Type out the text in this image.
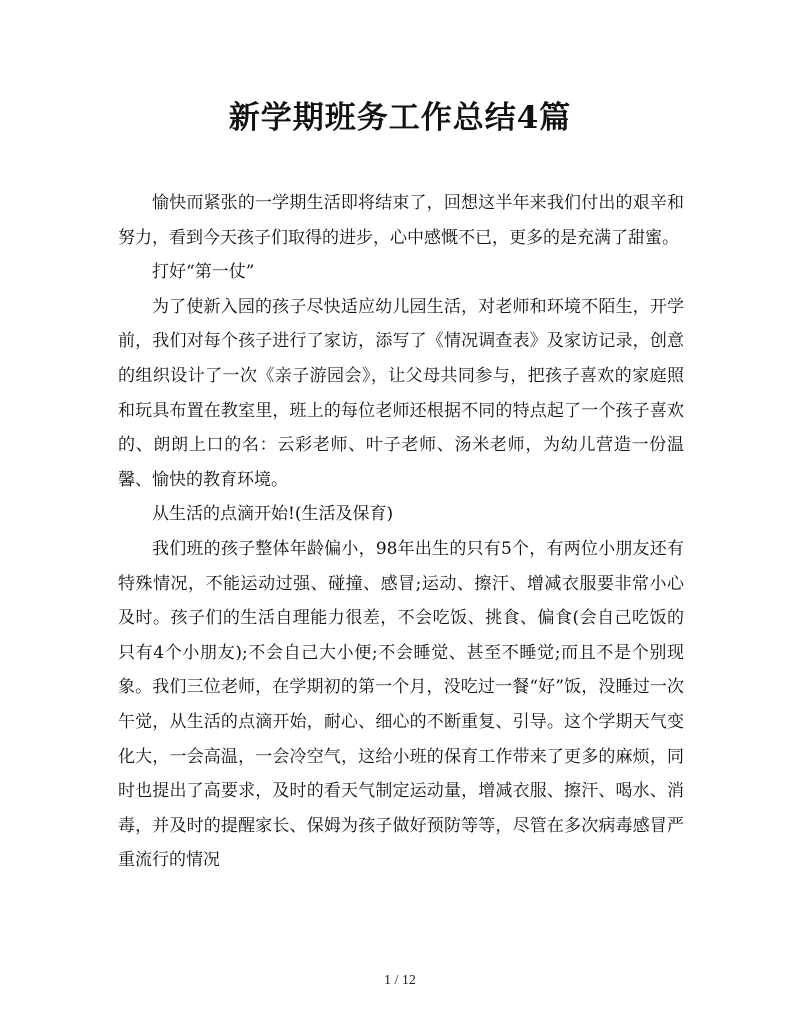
新学期班务工作总结4篇

愉快而紧张的一学期生活即将结束了，回想这半年来我们付出的艰辛和努力，看到今天孩子们取得的进步，心中感慨不已，更多的是充满了甜蜜。

打好“第一仗”

为了使新入园的孩子尽快适应幼儿园生活，对老师和环境不陌生，开学前，我们对每个孩子进行了家访，添写了《情况调查表》及家访记录，创意的组织设计了一次《亲子游园会》，让父母共同参与，把孩子喜欢的家庭照和玩具布置在教室里，班上的每位老师还根据不同的特点起了一个孩子喜欢的、朗朗上口的名：云彩老师、叶子老师、汤米老师，为幼儿营造一份温馨、愉快的教育环境。

从生活的点滴开始!(生活及保育)

我们班的孩子整体年龄偏小，98年出生的只有5个，有两位小朋友还有特殊情况，不能运动过强、碰撞、感冒;运动、擦汗、增减衣服要非常小心及时。孩子们的生活自理能力很差，不会吃饭、挑食、偏食(会自己吃饭的只有4个小朋友);不会自己大小便;不会睡觉、甚至不睡觉;而且不是个别现象。我们三位老师，在学期初的第一个月，没吃过一餐“好”饭，没睡过一次午觉，从生活的点滴开始，耐心、细心的不断重复、引导。这个学期天气变化大，一会高温，一会冷空气，这给小班的保育工作带来了更多的麻烦，同时也提出了高要求，及时的看天气制定运动量，增减衣服、擦汗、喝水、消毒，并及时的提醒家长、保姆为孩子做好预防等等，尽管在多次病毒感冒严重流行的情况

1 / 12
